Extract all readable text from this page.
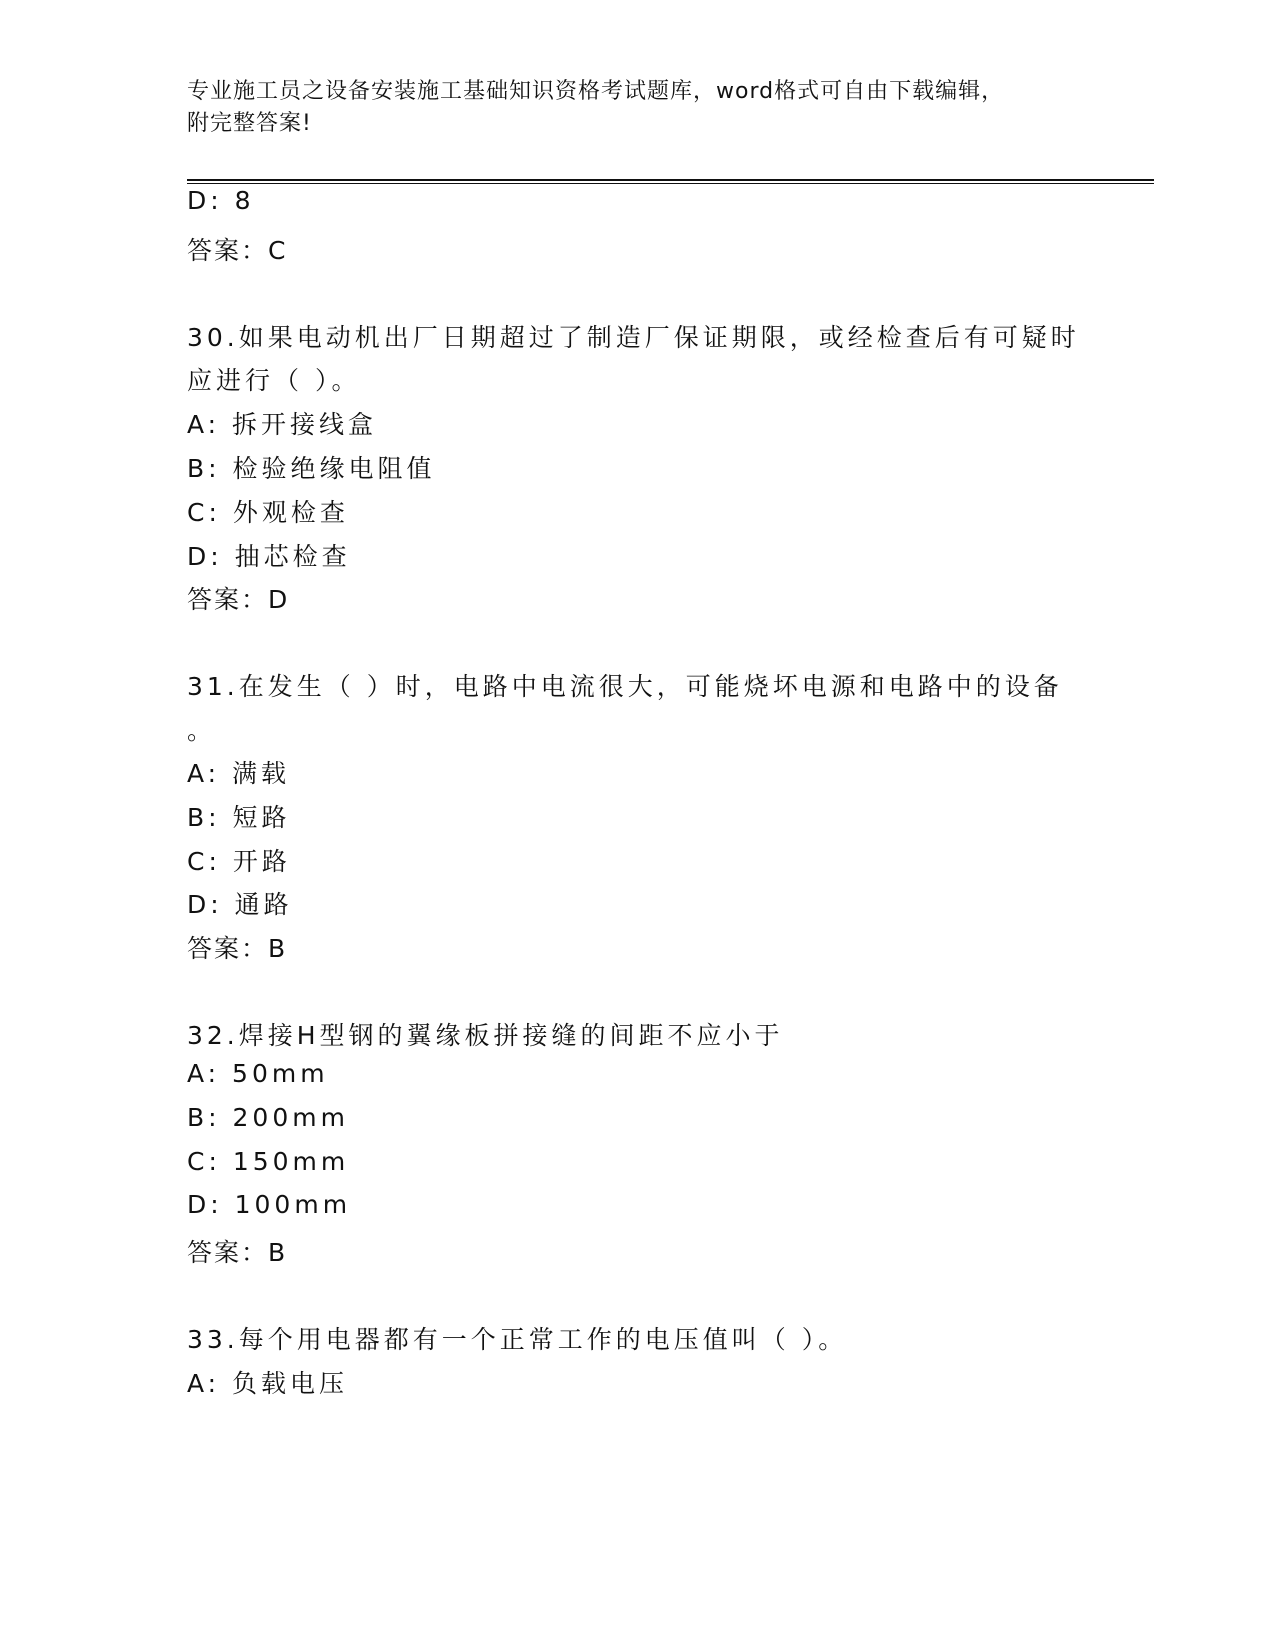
专业施工员之设备安装施工基础知识资格考试题库，word格式可自由下载编辑，
附完整答案!
D: 8
答案：C
30.如果电动机出厂日期超过了制造厂保证期限，或经检查后有可疑时
应进行（ ）。
A: 拆开接线盒
B: 检验绝缘电阻值
C: 外观检查
D: 抽芯检查
答案：D
31.在发生（ ）时，电路中电流很大，可能烧坏电源和电路中的设备
。
A: 满载
B: 短路
C: 开路
D: 通路
答案：B
32.焊接H型钢的翼缘板拼接缝的间距不应小于
A: 50mm
B: 200mm
C: 150mm
D: 100mm
答案：B
33.每个用电器都有一个正常工作的电压值叫（ ）。
A: 负载电压
